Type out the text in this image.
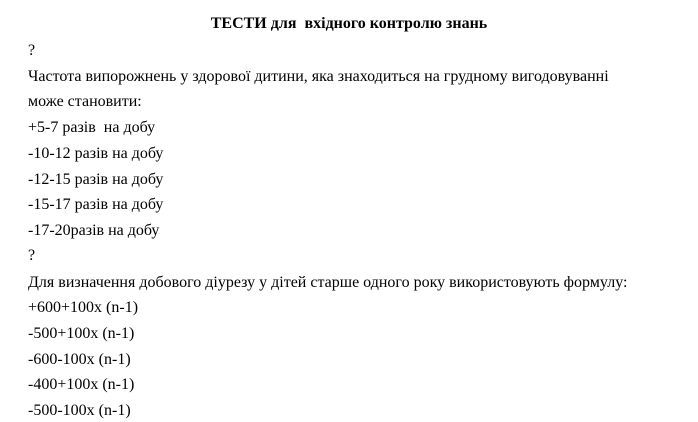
ТЕСТИ для  вхідного контролю знань
?
Частота випорожнень у здорової дитини, яка знаходиться на грудному вигодовуванні
може становити:
+5-7 разів  на добу
-10-12 разів на добу
-12-15 разів на добу
-15-17 разів на добу
-17-20разів на добу
?
Для визначення добового діурезу у дітей старше одного року використовують формулу:
+600+100х (n-1)
-500+100х (n-1)
-600-100х (n-1)
-400+100х (n-1)
-500-100х (n-1)
